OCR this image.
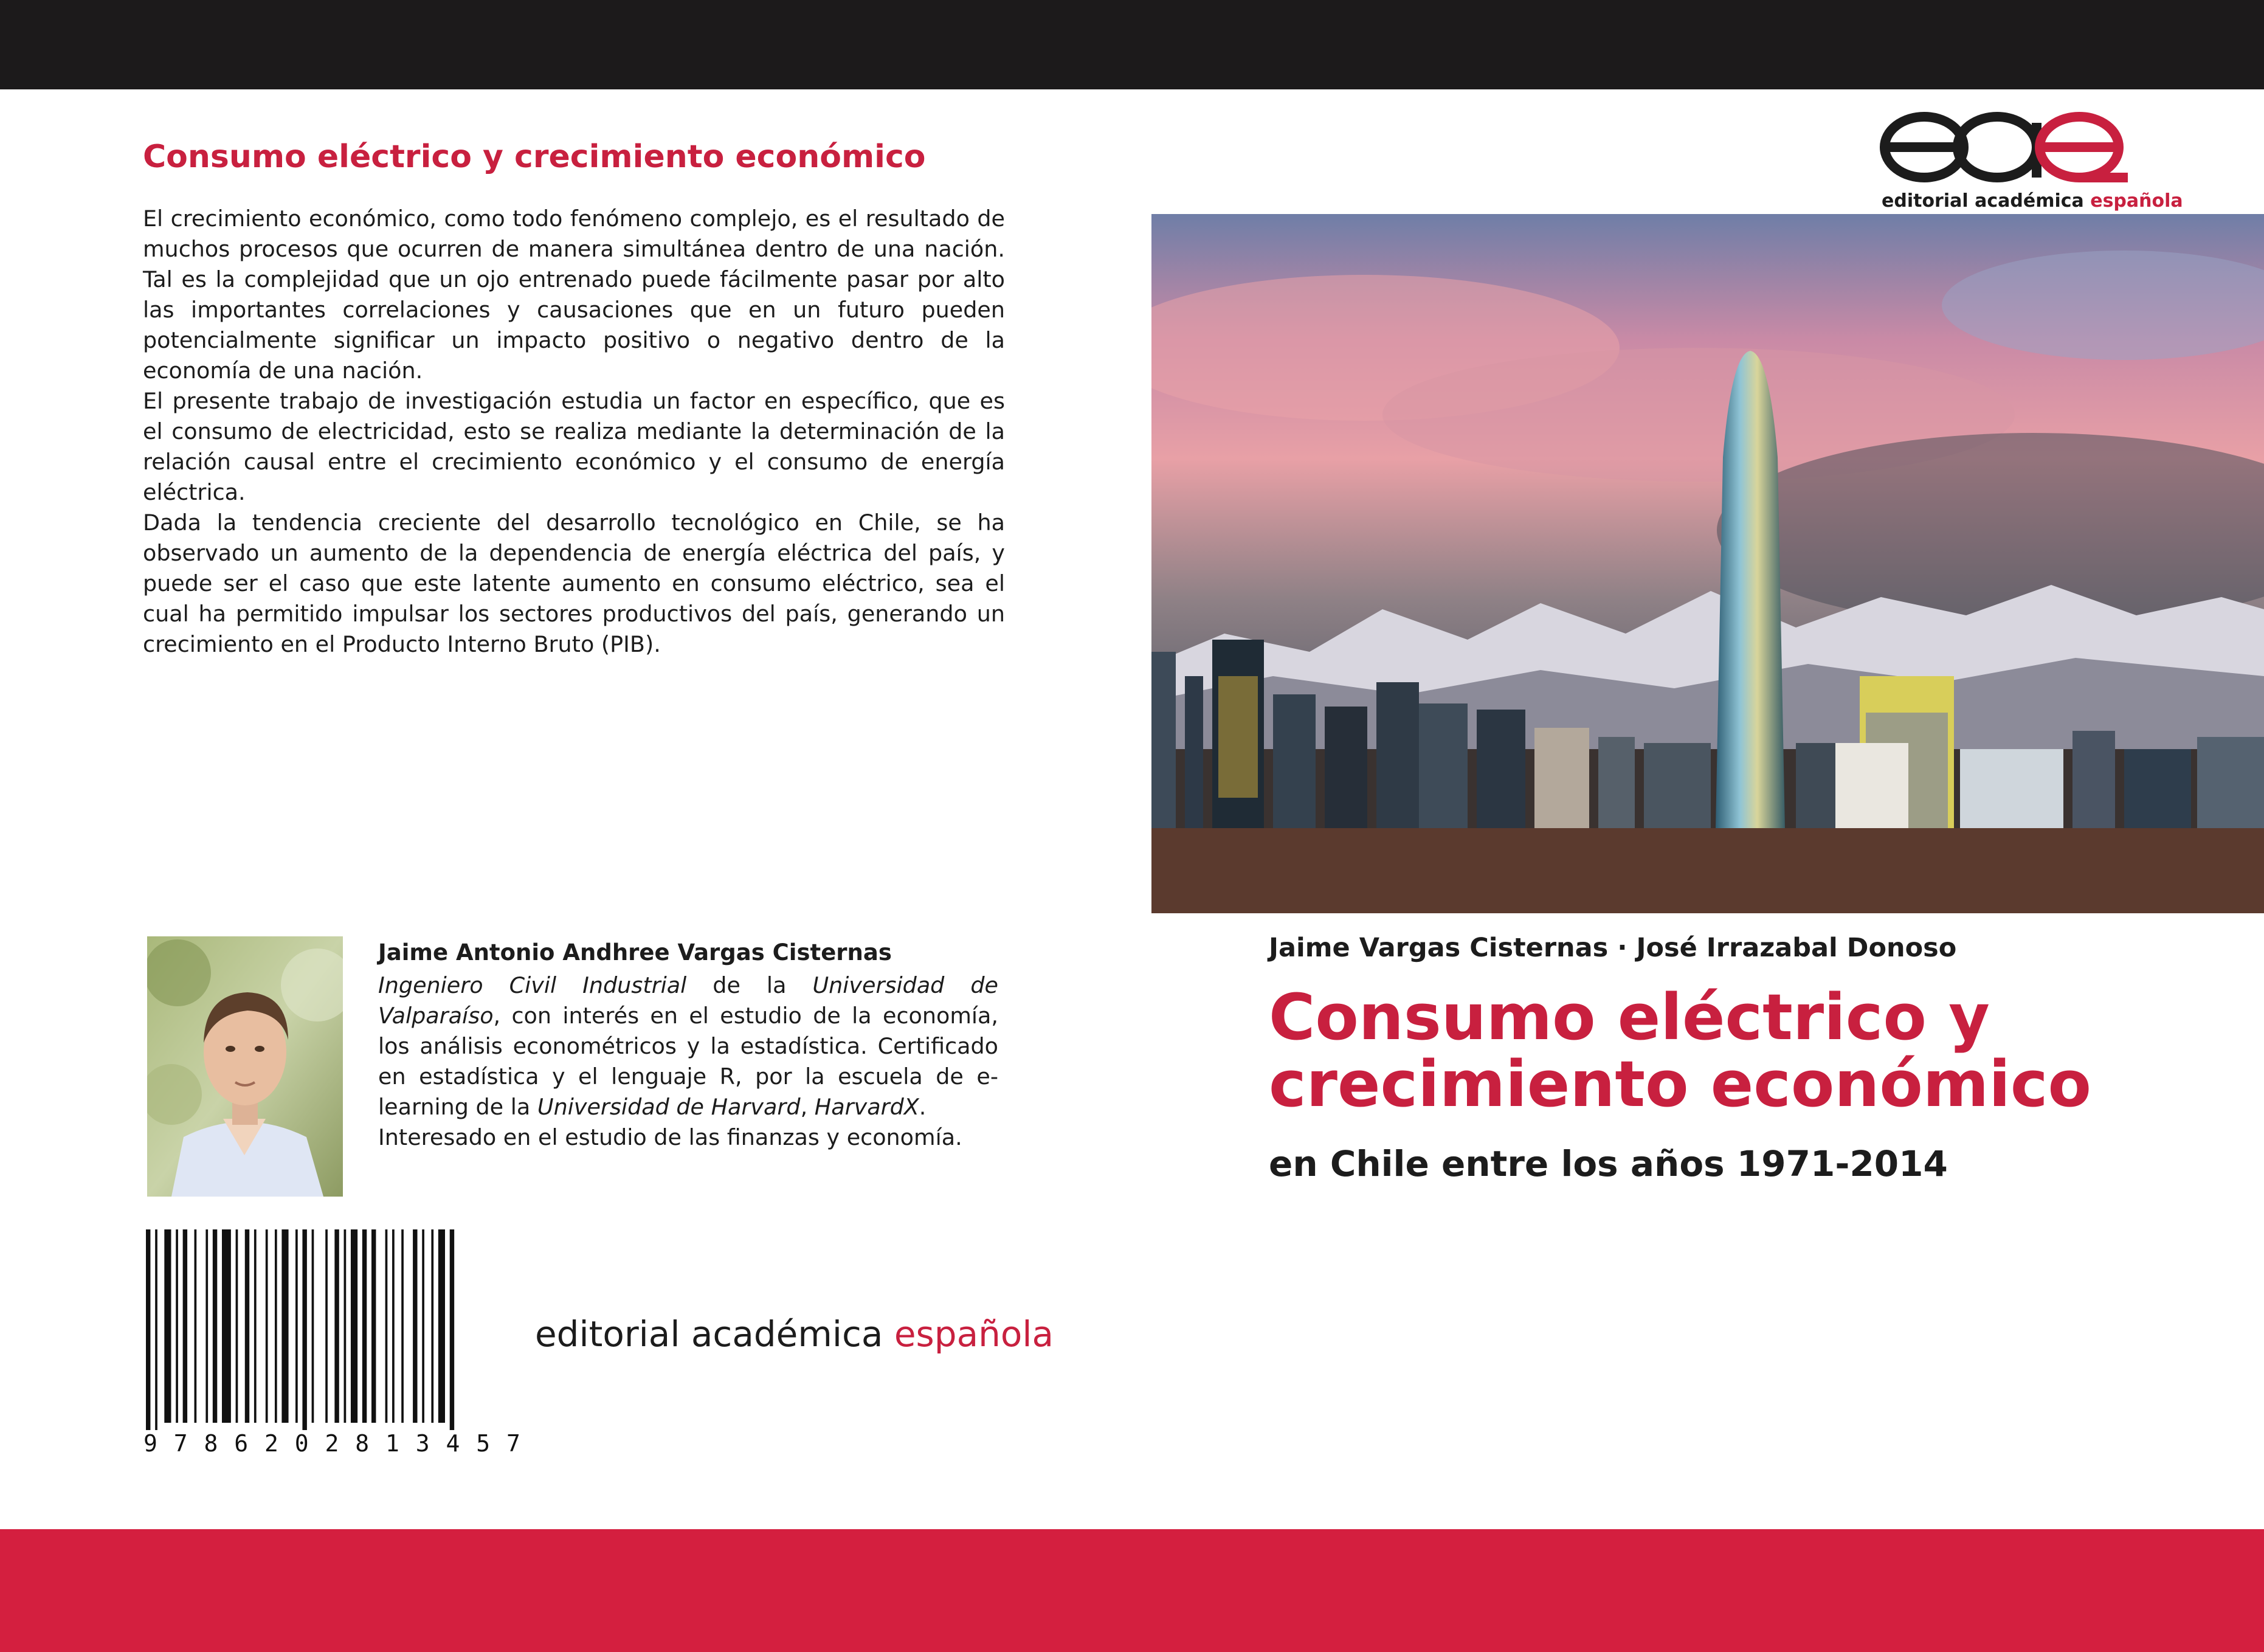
Consumo eléctrico y crecimiento económico

El crecimiento económico, como todo fenómeno complejo, es el resultado de muchos procesos que ocurren de manera simultánea dentro de una nación. Tal es la complejidad que un ojo entrenado puede fácilmente pasar por alto las importantes correlaciones y causaciones que en un futuro pueden potencialmente significar un impacto positivo o negativo dentro de la economía de una nación.

El presente trabajo de investigación estudia un factor en específico, que es el consumo de electricidad, esto se realiza mediante la determinación de la relación causal entre el crecimiento económico y el consumo de energía eléctrica.

Dada la tendencia creciente del desarrollo tecnológico en Chile, se ha observado un aumento de la dependencia de energía eléctrica del país, y puede ser el caso que este latente aumento en consumo eléctrico, sea el cual ha permitido impulsar los sectores productivos del país, generando un crecimiento en el Producto Interno Bruto (PIB).

Jaime Antonio Andhree Vargas Cisternas

Ingeniero Civil Industrial de la Universidad de Valparaíso, con interés en el estudio de la economía, los análisis econométricos y la estadística. Certificado en estadística y el lenguaje R, por la escuela de e-learning de la Universidad de Harvard, HarvardX.

Interesado en el estudio de las finanzas y economía.

9 7 8 6 2 0 2 8 1 3 4 5 7

editorial académica española

editorial académica española

Jaime Vargas Cisternas · José Irrazabal Donoso
Consumo eléctrico y crecimiento económico
en Chile entre los años 1971-2014
